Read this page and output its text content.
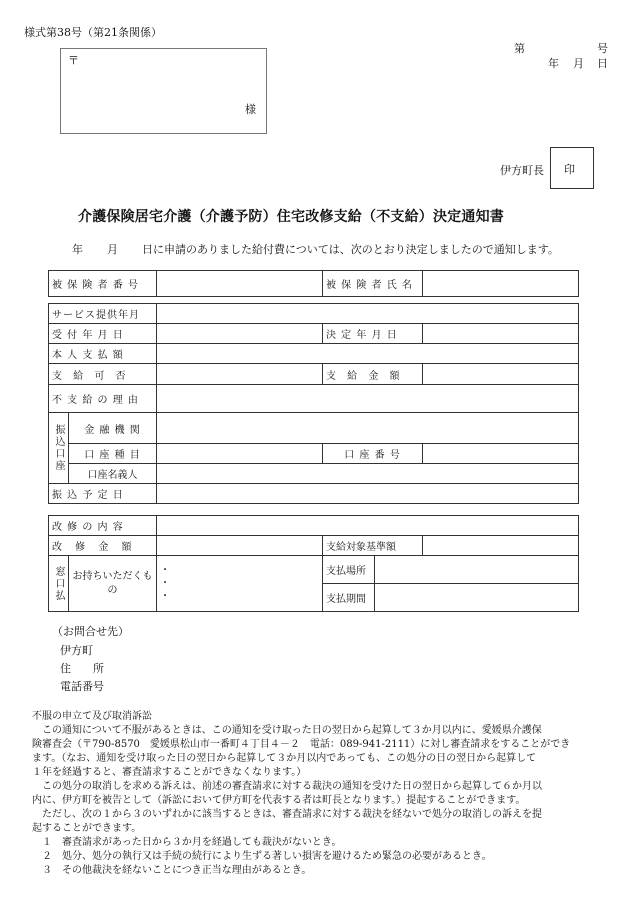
様式第38号（第21条関係）
第	号
年 月 日
〒
様
伊方町長 印
介護保険居宅介護（介護予防）住宅改修支給（不支給）決定通知書
年 月 日に申請のありました給付費については、次のとおり決定しましたので通知します。
被 保 険 者 番 号		被 保 険 者 氏 名	
サービス提供年月				
受 付 年 月 日			決 定 年 月 日	
本 人 支 払 額				
支 給 可 否			支 給 金 額	
不 支 給 の 理 由				
振込口座	金 融 機 関			
	口 座 種 目		口 座 番 号	
	口座名義人			
振 込 予 定 日				
改 修 の 内 容					
改 修 金 額			支給対象基準額		
窓口払	お持ちいただくもの	・
・
・	支払場所		
			支払期間		
（お問合せ先）
伊方町
住　　所
電話番号

不服の申立て及び取消訴訟

　この通知について不服があるときは、この通知を受け取った日の翌日から起算して３か月以内に、愛媛県介護保

険審査会（〒790-8570　愛媛県松山市一番町４丁目４－２　電話：089-941-2111）に対し審査請求をすることができ

ます。（なお、通知を受け取った日の翌日から起算して３か月以内であっても、この処分の日の翌日から起算して

１年を経過すると、審査請求することができなくなります。）

　この処分の取消しを求める訴えは、前述の審査請求に対する裁決の通知を受けた日の翌日から起算して６か月以

内に、伊方町を被告として（訴訟において伊方町を代表する者は町長となります。）提起することができます。

　ただし、次の１から３のいずれかに該当するときは、審査請求に対する裁決を経ないで処分の取消しの訴えを提

起することができます。

　１　審査請求があった日から３か月を経過しても裁決がないとき。

　２　処分、処分の執行又は手続の続行により生ずる著しい損害を避けるため緊急の必要があるとき。

　３　その他裁決を経ないことにつき正当な理由があるとき。
